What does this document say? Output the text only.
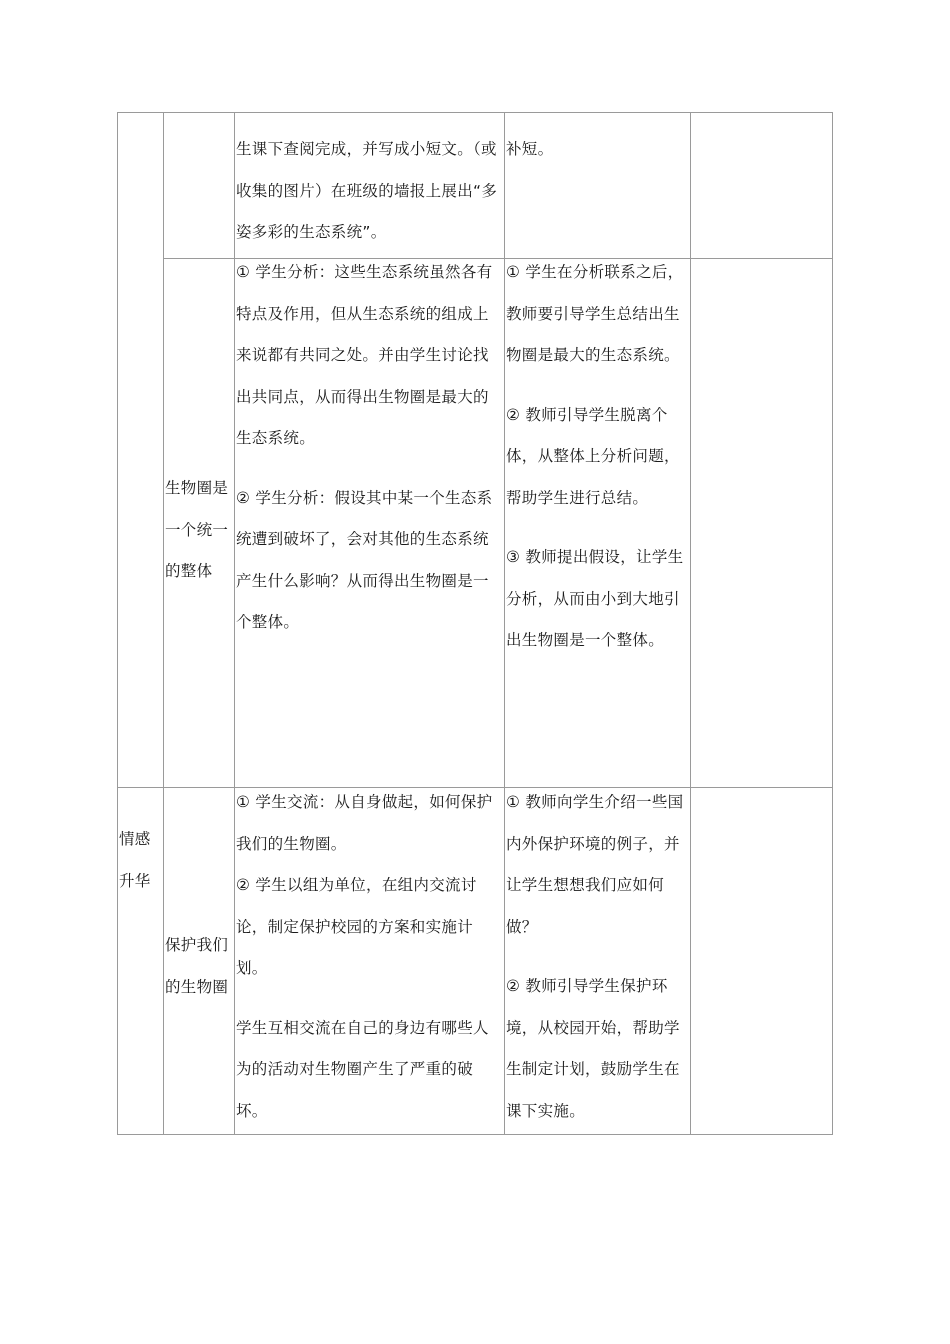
生课下查阅完成，并写成小短文。（或收集的图片）在班级的墙报上展出“多姿多彩的生态系统”。

补短。

生物圈是一个统一的整体

① 学生分析：这些生态系统虽然各有特点及作用，但从生态系统的组成上来说都有共同之处。并由学生讨论找出共同点，从而得出生物圈是最大的生态系统。

② 学生分析：假设其中某一个生态系统遭到破坏了，会对其他的生态系统产生什么影响？从而得出生物圈是一个整体。

① 学生在分析联系之后，教师要引导学生总结出生物圈是最大的生态系统。

② 教师引导学生脱离个体，从整体上分析问题，帮助学生进行总结。

③ 教师提出假设，让学生分析，从而由小到大地引出生物圈是一个整体。

情感升华

保护我们的生物圈

① 学生交流：从自身做起，如何保护我们的生物圈。

② 学生以组为单位，在组内交流讨论，制定保护校园的方案和实施计划。

学生互相交流在自己的身边有哪些人为的活动对生物圈产生了严重的破坏。

① 教师向学生介绍一些国内外保护环境的例子，并让学生想想我们应如何做？

② 教师引导学生保护环境，从校园开始，帮助学生制定计划，鼓励学生在课下实施。
